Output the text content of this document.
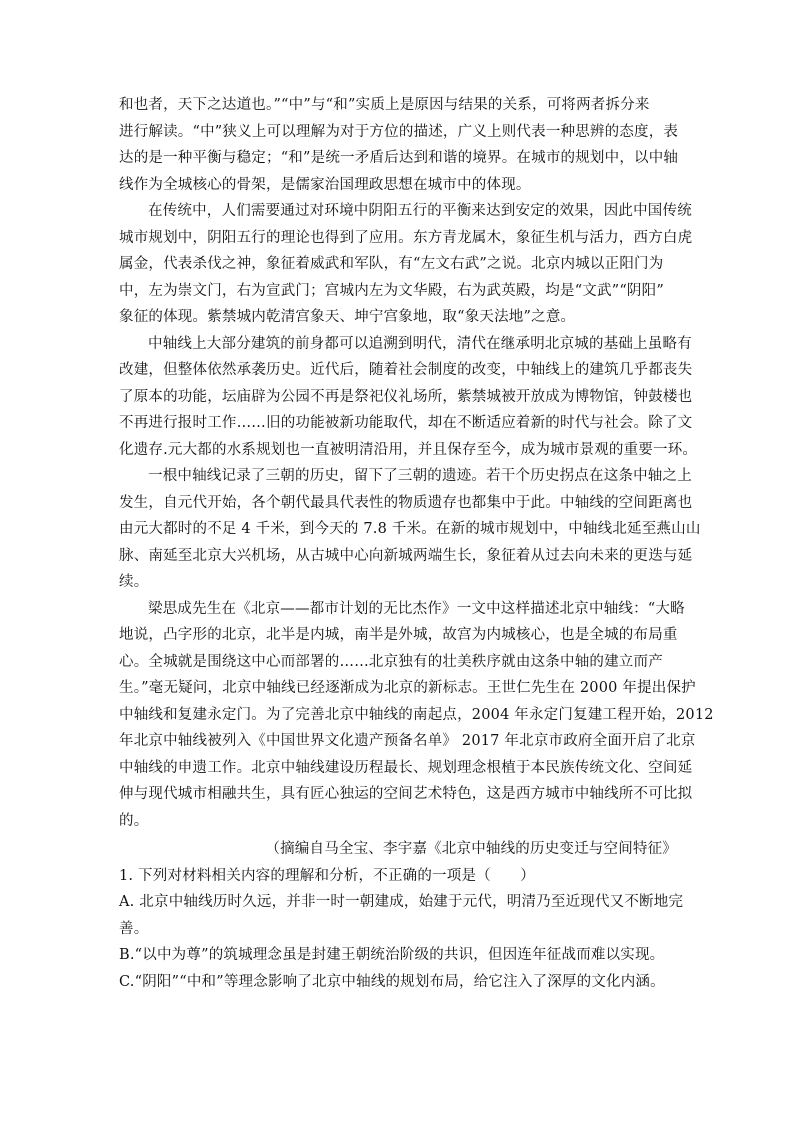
和也者，天下之达道也。”“中”与“和”实质上是原因与结果的关系，可将两者拆分来
进行解读。“中”狭义上可以理解为对于方位的描述，广义上则代表一种思辨的态度，表
达的是一种平衡与稳定；“和”是统一矛盾后达到和谐的境界。在城市的规划中，以中轴
线作为全城核心的骨架，是儒家治国理政思想在城市中的体现。
在传统中，人们需要通过对环境中阴阳五行的平衡来达到安定的效果，因此中国传统
城市规划中，阴阳五行的理论也得到了应用。东方青龙属木，象征生机与活力，西方白虎
属金，代表杀伐之神，象征着威武和军队，有“左文右武”之说。北京内城以正阳门为
中，左为崇文门，右为宣武门；宫城内左为文华殿，右为武英殿，均是“文武”“阴阳”
象征的体现。紫禁城内乾清宫象天、坤宁宫象地，取“象天法地”之意。
中轴线上大部分建筑的前身都可以追溯到明代，清代在继承明北京城的基础上虽略有
改建，但整体依然承袭历史。近代后，随着社会制度的改变，中轴线上的建筑几乎都丧失
了原本的功能，坛庙辟为公园不再是祭祀仪礼场所，紫禁城被开放成为博物馆，钟鼓楼也
不再进行报时工作……旧的功能被新功能取代，却在不断适应着新的时代与社会。除了文
化遗存.元大都的水系规划也一直被明清沿用，并且保存至今，成为城市景观的重要一环。
一根中轴线记录了三朝的历史，留下了三朝的遗迹。若干个历史拐点在这条中轴之上
发生，自元代开始，各个朝代最具代表性的物质遗存也都集中于此。中轴线的空间距离也
由元大都时的不足 4 千米，到今天的 7.8 千米。在新的城市规划中，中轴线北延至燕山山
脉、南延至北京大兴机场，从古城中心向新城两端生长，象征着从过去向未来的更迭与延
续。
梁思成先生在《北京——都市计划的无比杰作》一文中这样描述北京中轴线：“大略
地说，凸字形的北京，北半是内城，南半是外城，故宫为内城核心，也是全城的布局重
心。全城就是围绕这中心而部署的……北京独有的壮美秩序就由这条中轴的建立而产
生。”毫无疑问，北京中轴线已经逐渐成为北京的新标志。王世仁先生在 2000 年提出保护
中轴线和复建永定门。为了完善北京中轴线的南起点，2004 年永定门复建工程开始，2012
年北京中轴线被列入《中国世界文化遗产预备名单》 2017 年北京市政府全面开启了北京
中轴线的申遗工作。北京中轴线建设历程最长、规划理念根植于本民族传统文化、空间延
伸与现代城市相融共生，具有匠心独运的空间艺术特色，这是西方城市中轴线所不可比拟
的。
（摘编自马全宝、李宇嘉《北京中轴线的历史变迁与空间特征》
1. 下列对材料相关内容的理解和分析，不正确的一项是（　　）
A. 北京中轴线历时久远，并非一时一朝建成，始建于元代，明清乃至近现代又不断地完
善。
B.“以中为尊”的筑城理念虽是封建王朝统治阶级的共识，但因连年征战而难以实现。
C.“阴阳”“中和”等理念影响了北京中轴线的规划布局，给它注入了深厚的文化内涵。
